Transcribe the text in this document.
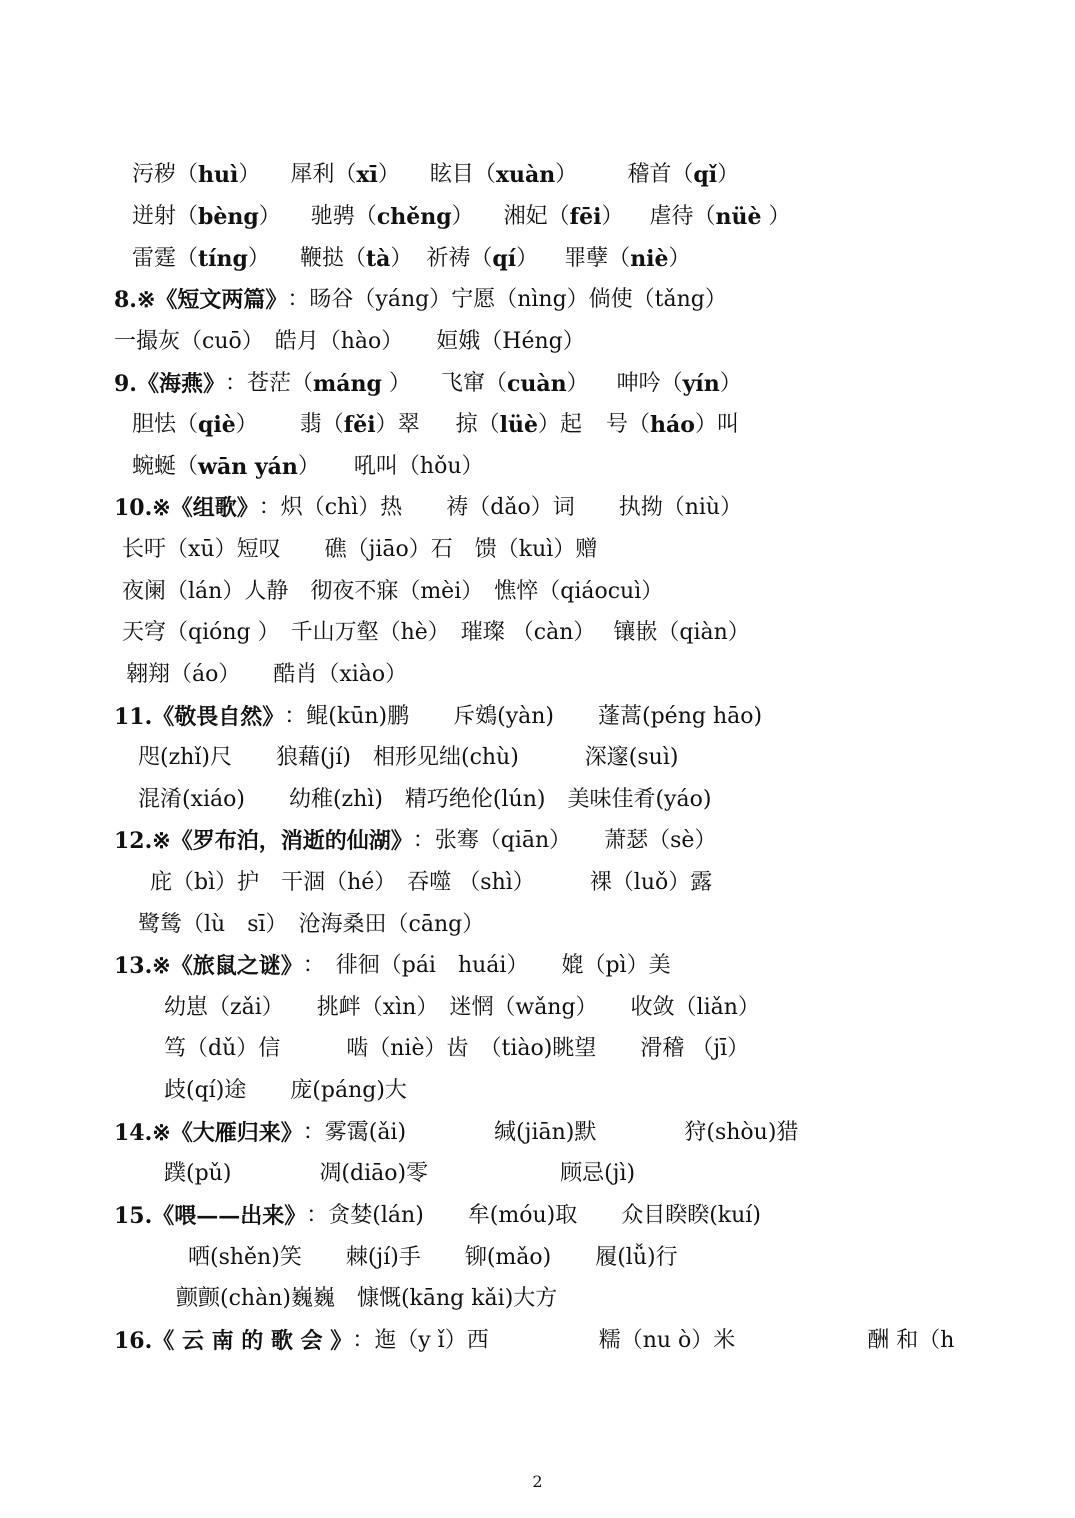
污秽（ huì ） 犀利（ xī ） 眩目（ xuàn ） 稽首（ qǐ ）
迸射（ bèng ） 驰骋（ chěng ） 湘妃（ fēi ） 虐待（ nüè ）
雷霆（ tíng ） 鞭挞（ tà ） 祈祷（ qí ） 罪孽（ niè ）
8.※ 《短文两篇》 ：旸谷（yáng）宁愿（nìng）倘使（tǎng）
一撮灰（cuō）　皓月（hào）　　姮娥（Héng）
9. 《海燕》 ：苍茫（ máng ） 飞窜（ cuàn ） 呻吟（ yín ）
胆怯（ qiè ） 翡（ fěi ）翠 掠（ lüè ）起 号（ háo ）叫
蜿蜒（ wān yán ） 吼叫（hǒu）
10.※ 《组歌》 ：炽（chì）热　　祷（dǎo）词　　执拗（niù）
长吁（xū）短叹　　礁（jiāo）石　馈（kuì）赠
夜阑（lán）人静　彻夜不寐（mèi）　憔悴（qiáocuì）
天穹（qióng ）　千山万壑（hè）　璀璨 （càn）　 镶嵌（qiàn）
翱翔（áo）　　酷肖（xiào）
11. 《敬畏自然》 ：鲲(kūn)鹏　　斥鴳(yàn)　　蓬蒿(péng hāo)
咫(zhǐ)尺　　狼藉(jí)　相形见绌(chù)　　　深邃(suì)
混淆(xiáo)　　幼稚(zhì)　精巧绝伦(lún)　美味佳肴(yáo)
12.※ 《罗布泊，消逝的仙湖》 ：张骞（qiān）　　萧瑟（sè）
庇（bì）护　干涸（hé）　吞噬 （shì）　　　裸（luǒ）露
鹭鸶（lù　sī）　沧海桑田（cāng）
13.※ 《旅鼠之谜》 ：　徘徊（pái　huái）　　媲（pì）美
幼崽（zǎi）　　挑衅（xìn）　迷惘（wǎng）　　收敛（liǎn）
笃（dǔ）信　　　啮（niè）齿　（tiào)眺望　　滑稽 （jī）
歧(qí)途　　庞(páng)大
14.※ 《大雁归来》 ：雾霭(ǎi)　　　　缄(jiān)默　　　　狩(shòu)猎
蹼(pǔ)　　　　凋(diāo)零　　　　　　顾忌(jì)
15. 《喂——出来》 ：贪婪(lán)　　牟(móu)取　　众目睽睽(kuí)
哂(shěn)笑　　棘(jí)手　　铆(mǎo)　　履(lǚ)行
颤颤(chàn)巍巍　慷慨(kāng kǎi)大方
16. 《 云 南 的 歌 会 》 ：迤（y ǐ）西　　　　　糯（nu ò）米　　　　　　酬 和（h
2
